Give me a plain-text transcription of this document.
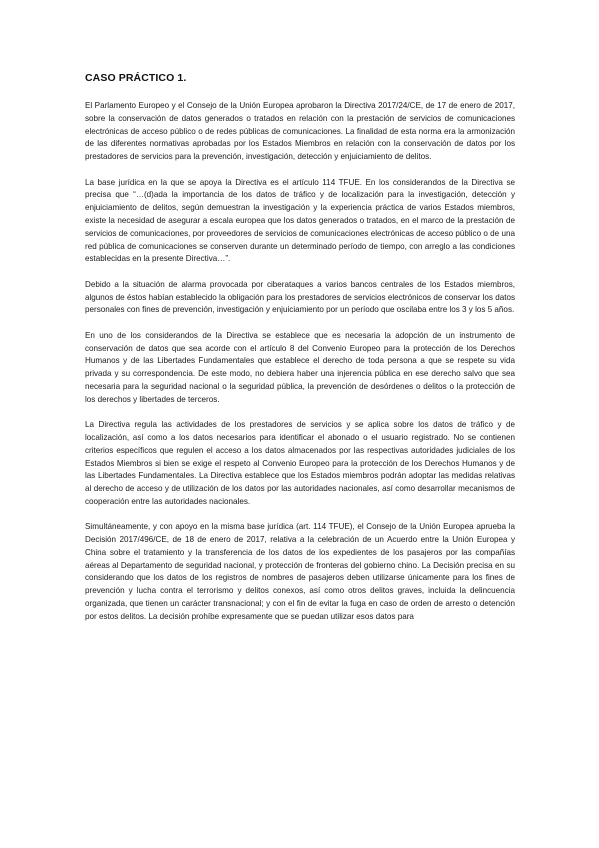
CASO PRÁCTICO 1.

El Parlamento Europeo y el Consejo de la Unión Europea aprobaron la Directiva 2017/24/CE, de 17 de enero de 2017, sobre la conservación de datos generados o tratados en relación con la prestación de servicios de comunicaciones electrónicas de acceso público o de redes públicas de comunicaciones. La finalidad de esta norma era la armonización de las diferentes normativas aprobadas por los Estados Miembros en relación con la conservación de datos por los prestadores de servicios para la prevención, investigación, detección y enjuiciamiento de delitos.

La base jurídica en la que se apoya la Directiva es el artículo 114 TFUE. En los considerandos de la Directiva se precisa que “…(d)ada la importancia de los datos de tráfico y de localización para la investigación, detección y enjuiciamiento de delitos, según demuestran la investigación y la experiencia práctica de varios Estados miembros, existe la necesidad de asegurar a escala europea que los datos generados o tratados, en el marco de la prestación de servicios de comunicaciones, por proveedores de servicios de comunicaciones electrónicas de acceso público o de una red pública de comunicaciones se conserven durante un determinado período de tiempo, con arreglo a las condiciones establecidas en la presente Directiva…”.

Debido a la situación de alarma provocada por ciberataques a varios bancos centrales de los Estados miembros, algunos de éstos habían establecido la obligación para los prestadores de servicios electrónicos de conservar los datos personales con fines de prevención, investigación y enjuiciamiento por un período que oscilaba entre los 3 y los 5 años.

En uno de los considerandos de la Directiva se establece que es necesaria la adopción de un instrumento de conservación de datos que sea acorde con el artículo 8 del Convenio Europeo para la protección de los Derechos Humanos y de las Libertades Fundamentales que establece el derecho de toda persona a que se respete su vida privada y su correspondencia. De este modo, no debiera haber una injerencia pública en ese derecho salvo que sea necesaria para la seguridad nacional o la seguridad pública, la prevención de desórdenes o delitos o la protección de los derechos y libertades de terceros.

La Directiva regula las actividades de los prestadores de servicios y se aplica sobre los datos de tráfico y de localización, así como a los datos necesarios para identificar el abonado o el usuario registrado. No se contienen criterios específicos que regulen el acceso a los datos almacenados por las respectivas autoridades judiciales de los Estados Miembros si bien se exige el respeto al Convenio Europeo para la protección de los Derechos Humanos y de las Libertades Fundamentales. La Directiva establece que los Estados miembros podrán adoptar las medidas relativas al derecho de acceso y de utilización de los datos por las autoridades nacionales, así como desarrollar mecanismos de cooperación entre las autoridades nacionales.

Simultáneamente, y con apoyo en la misma base jurídica (art. 114 TFUE), el Consejo de la Unión Europea aprueba la Decisión 2017/496/CE, de 18 de enero de 2017, relativa a la celebración de un Acuerdo entre la Unión Europea y China sobre el tratamiento y la transferencia de los datos de los expedientes de los pasajeros por las compañías aéreas al Departamento de seguridad nacional, y protección de fronteras del gobierno chino. La Decisión precisa en su considerando que los datos de los registros de nombres de pasajeros deben utilizarse únicamente para los fines de prevención y lucha contra el terrorismo y delitos conexos, así como otros delitos graves, incluida la delincuencia organizada, que tienen un carácter transnacional; y con el fin de evitar la fuga en caso de orden de arresto o detención por estos delitos. La decisión prohíbe expresamente que se puedan utilizar esos datos para
